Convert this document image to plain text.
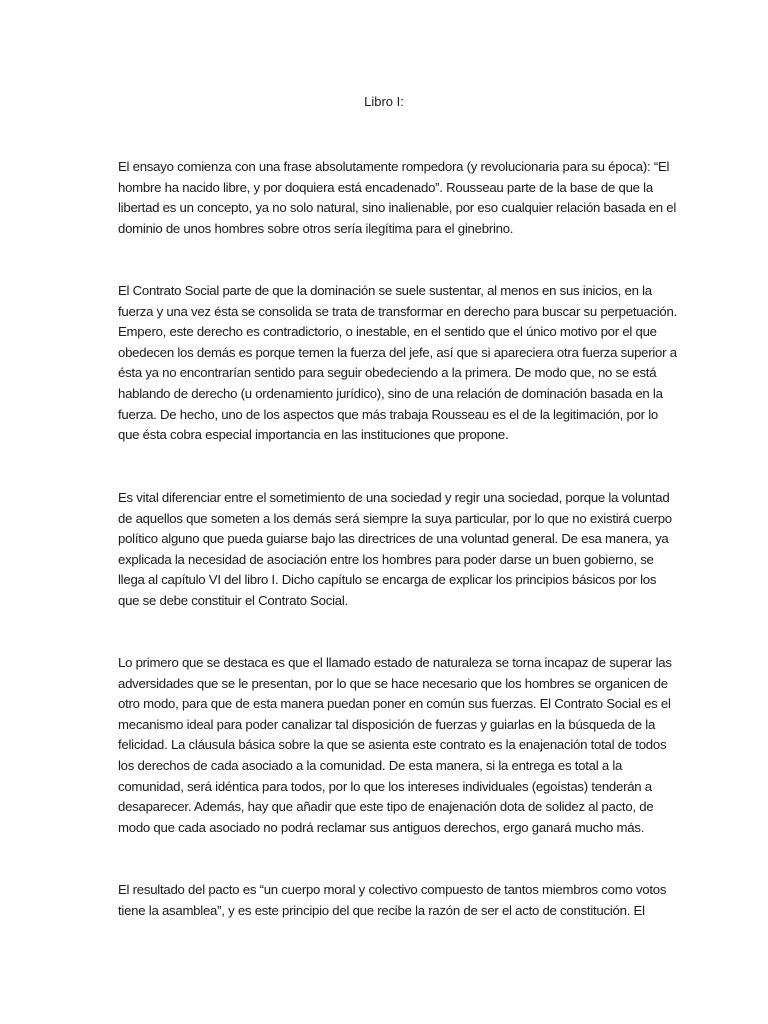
Libro I:

El ensayo comienza con una frase absolutamente rompedora (y revolucionaria para su época): “El hombre ha nacido libre, y por doquiera está encadenado”. Rousseau parte de la base de que la libertad es un concepto, ya no solo natural, sino inalienable, por eso cualquier relación basada en el dominio de unos hombres sobre otros sería ilegítima para el ginebrino.

El Contrato Social parte de que la dominación se suele sustentar, al menos en sus inicios, en la fuerza y una vez ésta se consolida se trata de transformar en derecho para buscar su perpetuación. Empero, este derecho es contradictorio, o inestable, en el sentido que el único motivo por el que obedecen los demás es porque temen la fuerza del jefe, así que si apareciera otra fuerza superior a ésta ya no encontrarían sentido para seguir obedeciendo a la primera. De modo que, no se está hablando de derecho (u ordenamiento jurídico), sino de una relación de dominación basada en la fuerza. De hecho, uno de los aspectos que más trabaja Rousseau es el de la legitimación, por lo que ésta cobra especial importancia en las instituciones que propone.

Es vital diferenciar entre el sometimiento de una sociedad y regir una sociedad, porque la voluntad de aquellos que someten a los demás será siempre la suya particular, por lo que no existirá cuerpo político alguno que pueda guiarse bajo las directrices de una voluntad general. De esa manera, ya explicada la necesidad de asociación entre los hombres para poder darse un buen gobierno, se llega al capítulo VI del libro I. Dicho capítulo se encarga de explicar los principios básicos por los que se debe constituir el Contrato Social.

Lo primero que se destaca es que el llamado estado de naturaleza se torna incapaz de superar las adversidades que se le presentan, por lo que se hace necesario que los hombres se organicen de otro modo, para que de esta manera puedan poner en común sus fuerzas. El Contrato Social es el mecanismo ideal para poder canalizar tal disposición de fuerzas y guiarlas en la búsqueda de la felicidad. La cláusula básica sobre la que se asienta este contrato es la enajenación total de todos los derechos de cada asociado a la comunidad. De esta manera, si la entrega es total a la comunidad, será idéntica para todos, por lo que los intereses individuales (egoístas) tenderán a desaparecer. Además, hay que añadir que este tipo de enajenación dota de solidez al pacto, de modo que cada asociado no podrá reclamar sus antiguos derechos, ergo ganará mucho más.

El resultado del pacto es “un cuerpo moral y colectivo compuesto de tantos miembros como votos tiene la asamblea”, y es este principio del que recibe la razón de ser el acto de constitución. El
